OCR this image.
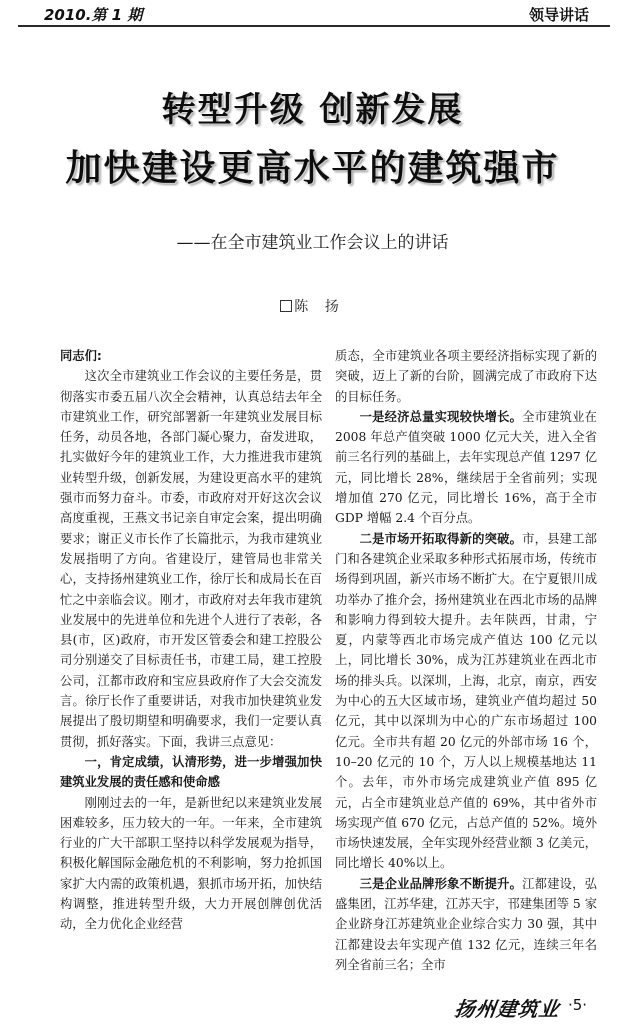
2010.第 1 期	领导讲话
转型升级 创新发展
加快建设更高水平的建筑强市
——在全市建筑业工作会议上的讲话
陈 扬

同志们:

这次全市建筑业工作会议的主要任务是，贯彻落实市委五届八次全会精神，认真总结去年全市建筑业工作，研究部署新一年建筑业发展目标任务，动员各地，各部门凝心聚力，奋发进取，扎实做好今年的建筑业工作，大力推进我市建筑业转型升级，创新发展，为建设更高水平的建筑强市而努力奋斗。市委，市政府对开好这次会议高度重视，王燕文书记亲自审定会案，提出明确要求；谢正义市长作了长篇批示，为我市建筑业发展指明了方向。省建设厅，建管局也非常关心，支持扬州建筑业工作，徐厅长和成局长在百忙之中亲临会议。刚才，市政府对去年我市建筑业发展中的先进单位和先进个人进行了表彰，各县(市，区)政府，市开发区管委会和建工控股公司分别递交了目标责任书，市建工局，建工控股公司，江都市政府和宝应县政府作了大会交流发言。徐厅长作了重要讲话，对我市加快建筑业发展提出了殷切期望和明确要求，我们一定要认真贯彻，抓好落实。下面，我讲三点意见：

一，肯定成绩，认清形势，进一步增强加快建筑业发展的责任感和使命感

刚刚过去的一年，是新世纪以来建筑业发展困难较多，压力较大的一年。一年来，全市建筑行业的广大干部职工坚持以科学发展观为指导，积极化解国际金融危机的不利影响，努力抢抓国家扩大内需的政策机遇，狠抓市场开拓，加快结构调整，推进转型升级，大力开展创牌创优活动，全力优化企业经营

质态，全市建筑业各项主要经济指标实现了新的突破，迈上了新的台阶，圆满完成了市政府下达的目标任务。

一是经济总量实现较快增长。全市建筑业在 2008 年总产值突破 1000 亿元大关，进入全省前三名行列的基础上，去年实现总产值 1297 亿元，同比增长 28%，继续居于全省前列；实现增加值 270 亿元，同比增长 16%，高于全市 GDP 增幅 2.4 个百分点。

二是市场开拓取得新的突破。市，县建工部门和各建筑企业采取多种形式拓展市场，传统市场得到巩固，新兴市场不断扩大。在宁夏银川成功举办了推介会，扬州建筑业在西北市场的品牌和影响力得到较大提升。去年陕西，甘肃，宁夏，内蒙等西北市场完成产值达 100 亿元以上，同比增长 30%，成为江苏建筑业在西北市场的排头兵。以深圳，上海，北京，南京，西安为中心的五大区域市场，建筑业产值均超过 50 亿元，其中以深圳为中心的广东市场超过 100 亿元。全市共有超 20 亿元的外部市场 16 个，10–20 亿元的 10 个，万人以上规模基地达 11 个。去年，市外市场完成建筑业产值 895 亿元，占全市建筑业总产值的 69%，其中省外市场实现产值 670 亿元，占总产值的 52%。境外市场快速发展，全年实现外经营业额 3 亿美元，同比增长 40%以上。

三是企业品牌形象不断提升。江都建设，弘盛集团，江苏华建，江苏天宇，邗建集团等 5 家企业跻身江苏建筑业企业综合实力 30 强，其中江都建设去年实现产值 132 亿元，连续三年名列全省前三名；全市

扬州建筑业 ·5·
